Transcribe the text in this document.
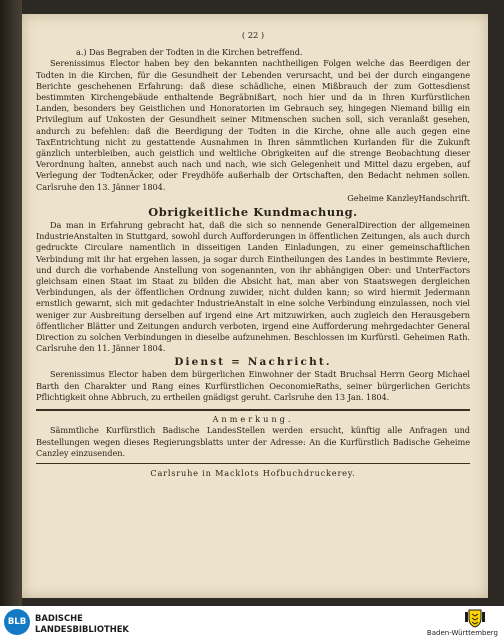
( 22 )

a.) Das Begraben der Todten in die Kirchen betreffend.

Serenissimus Elector haben bey den bekannten nachtheiligen Folgen welche das Beerdigen der Todten in die Kirchen, für die Gesundheit der Lebenden verursacht, und bei der durch eingangene Berichte geschehenen Erfahrung: daß diese schädliche, einen Mißbrauch der zum Gottesdienst bestimmten Kirchengebäude enthaltende Begräbnißart, noch hier und da in Ihren Kurfürstlichen Landen, besonders bey Geistlichen und Honoratorien im Gebrauch sey, hingegen Niemand billig ein Privilegium auf Unkosten der Gesundheit seiner Mitmenschen suchen soll, sich veranlaßt gesehen, andurch zu befehlen: daß die Beerdigung der Todten in die Kirche, ohne alle auch gegen eine TaxEntrichtung nicht zu gestattende Ausnahmen in Ihren sämmtlichen Kurlanden für die Zukunft gänzlich unterbleiben, auch geistlich und weltliche Obrigkeiten auf die strenge Beobachtung dieser Verordnung halten, annebst auch nach und nach, wie sich Gelegenheit und Mittel dazu ergeben, auf Verlegung der TodtenÄcker, oder Freydhöfe außerhalb der Ortschaften, den Bedacht nehmen sollen. Carlsruhe den 13. Jänner 1804.

Geheime KanzleyHandschrift.
Obrigkeitliche Kundmachung.

Da man in Erfahrung gebracht hat, daß die sich so nennende GeneralDirection der allgemeinen IndustrieAnstalten in Stuttgard, sowohl durch Aufforderungen in öffentlichen Zeitungen, als auch durch gedruckte Circulare namentlich in disseitigen Landen Einladungen, zu einer gemeinschaftlichen Verbindung mit ihr hat ergehen lassen, ja sogar durch Eintheilungen des Landes in bestimmte Reviere, und durch die vorhabende Anstellung von sogenannten, von ihr abhängigen Ober: und UnterFactors gleichsam einen Staat im Staat zu bilden die Absicht hat, man aber von Staatswegen dergleichen Verbindungen, als der öffentlichen Ordnung zuwider, nicht dulden kann; so wird hiermit Jedermann ernstlich gewarnt, sich mit gedachter IndustrieAnstalt in eine solche Verbindung einzulassen, noch viel weniger zur Ausbreitung derselben auf irgend eine Art mitzuwirken, auch zugleich den Herausgebern öffentlicher Blätter und Zeitungen andurch verboten, irgend eine Aufforderung mehrgedachter General Direction zu solchen Verbindungen in dieselbe aufzunehmen. Beschlossen im Kurfürstl. Geheimen Rath. Carlsruhe den 11. Jänner 1804.

Dienst = Nachricht.

Serenissimus Elector haben dem bürgerlichen Einwohner der Stadt Bruchsal Herrn Georg Michael Barth den Charakter und Rang eines Kurfürstlichen OeconomieRaths, seiner bürgerlichen Gerichts Pflichtigkeit ohne Abbruch, zu ertheilen gnädigst geruht. Carlsruhe den 13 Jan. 1804.

Anmerkung.

Sämmtliche Kurfürstlich Badische LandesStellen werden ersucht, künftig alle Anfragen und Bestellungen wegen dieses Regierungsblatts unter der Adresse: An die Kurfürstlich Badische Geheime Canzley einzusenden.

Carlsruhe in Macklots Hofbuchdruckerey.
BLB	BADISCHE
LANDESBIBLIOTHEK	Baden-Württemberg
